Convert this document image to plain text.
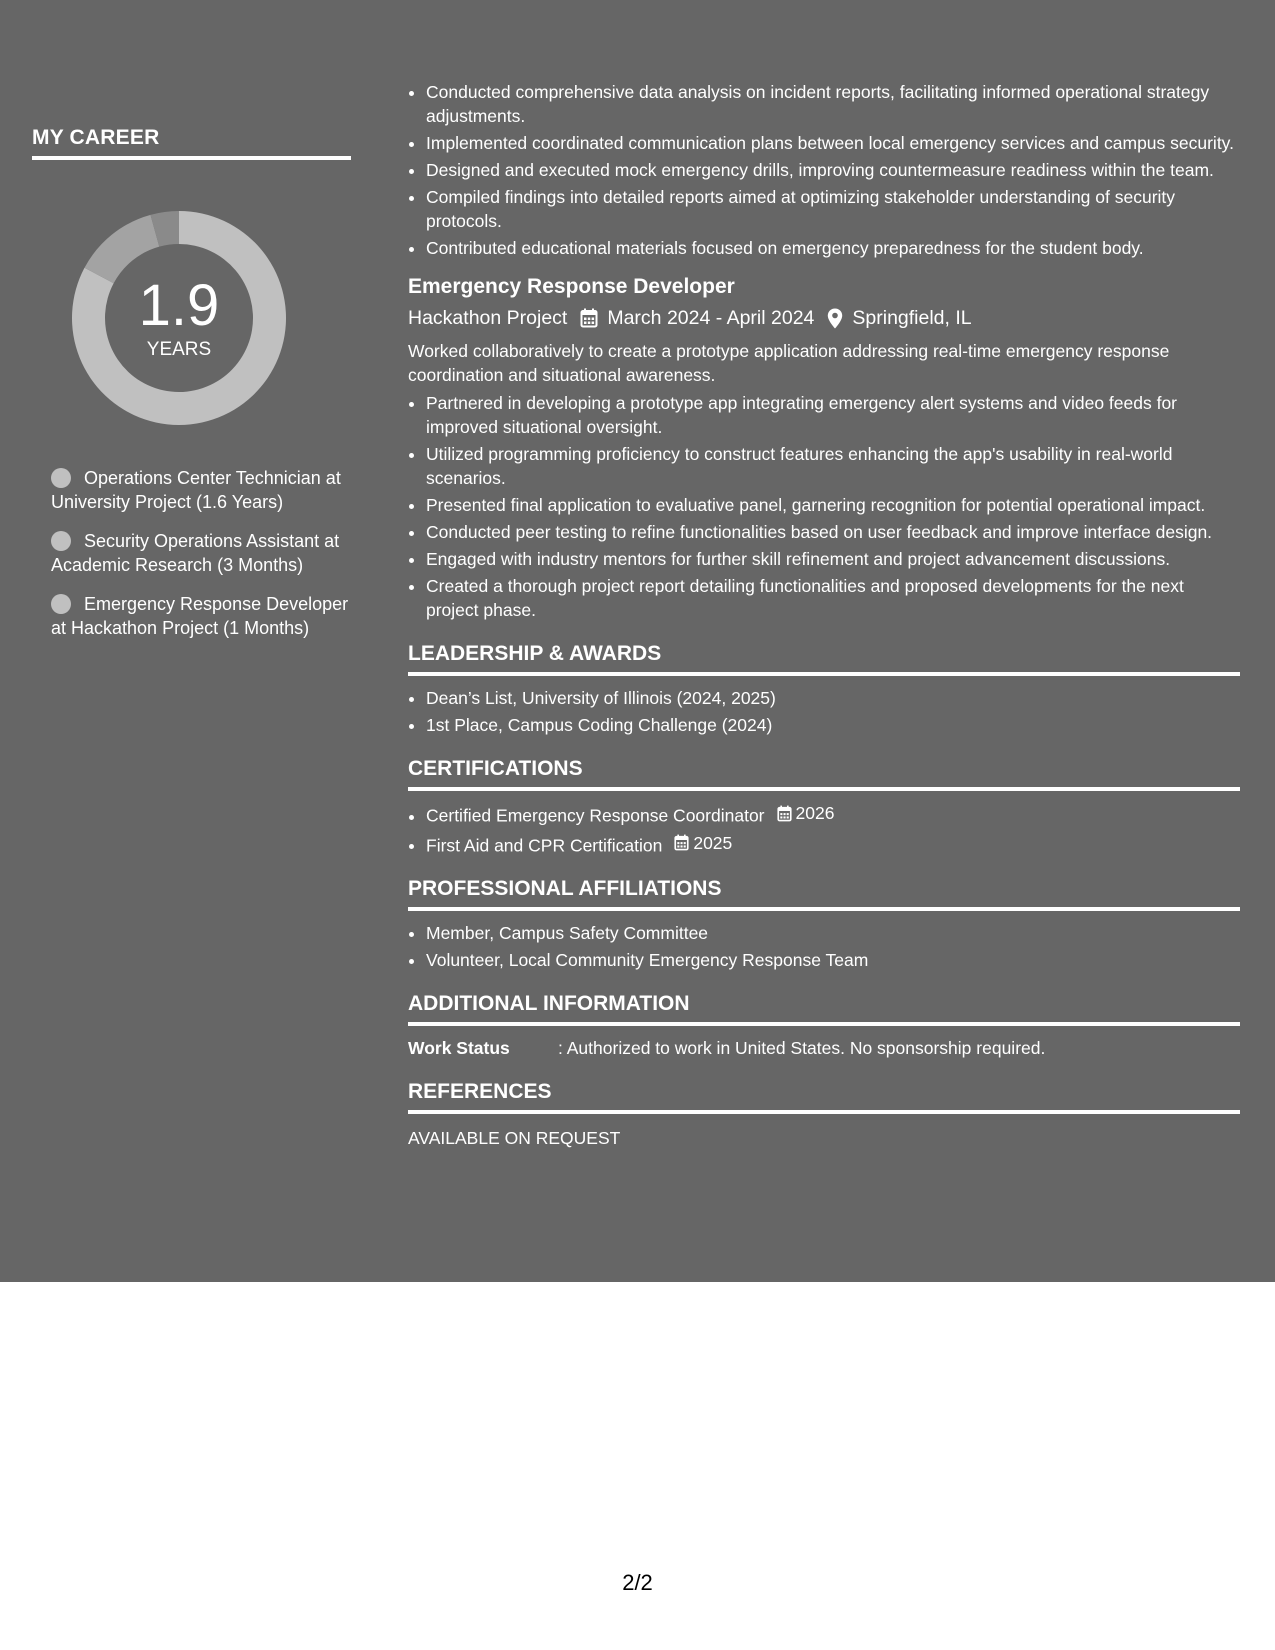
MY CAREER
1.9
YEARS
Operations Center Technician at University Project (1.6 Years)
Security Operations Assistant at Academic Research (3 Months)
Emergency Response Developer at Hackathon Project (1 Months)
• Conducted comprehensive data analysis on incident reports, facilitating informed operational strategy adjustments.
• Implemented coordinated communication plans between local emergency services and campus security.
• Designed and executed mock emergency drills, improving countermeasure readiness within the team.
• Compiled findings into detailed reports aimed at optimizing stakeholder understanding of security protocols.
• Contributed educational materials focused on emergency preparedness for the student body.
Emergency Response Developer
Hackathon Project March 2024 - April 2024 Springfield, IL
Worked collaboratively to create a prototype application addressing real-time emergency response coordination and situational awareness.
• Partnered in developing a prototype app integrating emergency alert systems and video feeds for improved situational oversight.
• Utilized programming proficiency to construct features enhancing the app's usability in real-world scenarios.
• Presented final application to evaluative panel, garnering recognition for potential operational impact.
• Conducted peer testing to refine functionalities based on user feedback and improve interface design.
• Engaged with industry mentors for further skill refinement and project advancement discussions.
• Created a thorough project report detailing functionalities and proposed developments for the next project phase.
LEADERSHIP & AWARDS
• Dean’s List, University of Illinois (2024, 2025)
• 1st Place, Campus Coding Challenge (2024)
CERTIFICATIONS
• Certified Emergency Response Coordinator 2026
• First Aid and CPR Certification 2025
PROFESSIONAL AFFILIATIONS
• Member, Campus Safety Committee
• Volunteer, Local Community Emergency Response Team
ADDITIONAL INFORMATION
Work Status	: Authorized to work in United States. No sponsorship required.
REFERENCES
AVAILABLE ON REQUEST
2/2
